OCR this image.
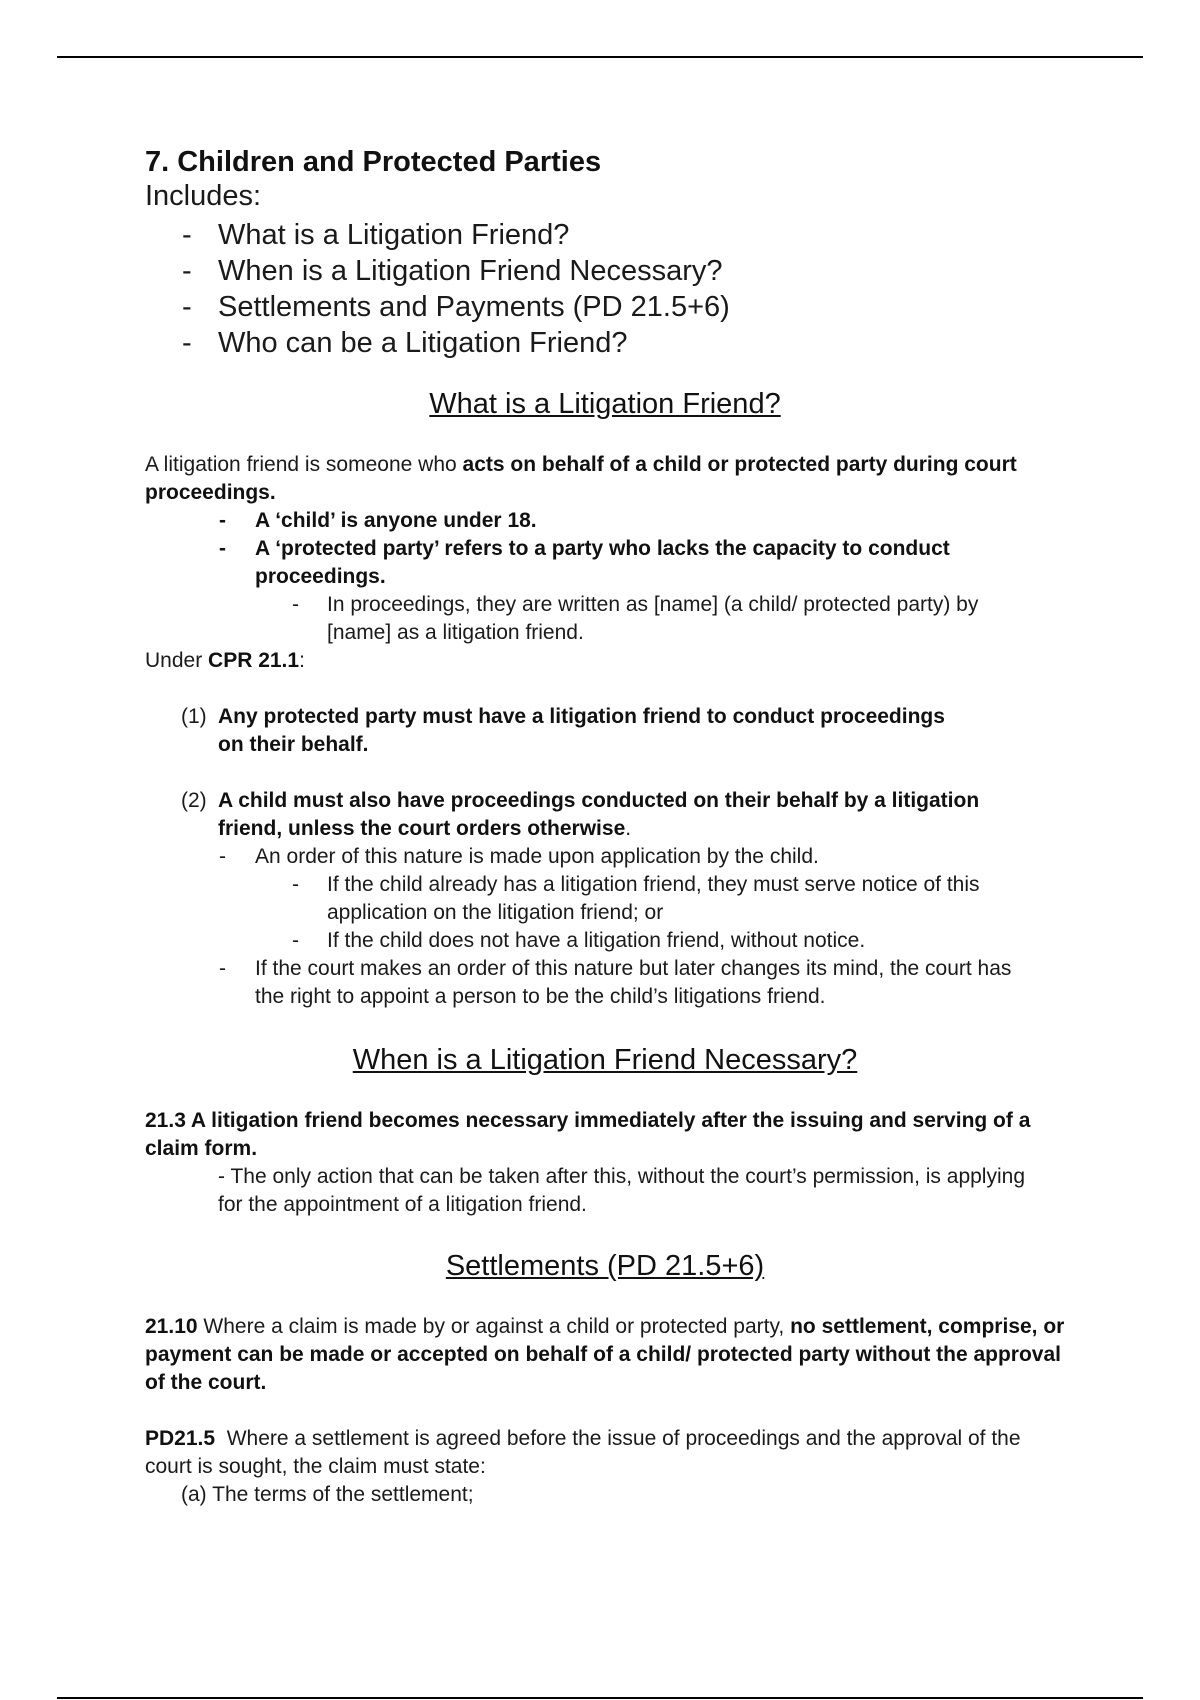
7. Children and Protected Parties
Includes:
- What is a Litigation Friend?
- When is a Litigation Friend Necessary?
- Settlements and Payments (PD 21.5+6)
- Who can be a Litigation Friend?
What is a Litigation Friend?

A litigation friend is someone who acts on behalf of a child or protected party during court proceedings.

- A ‘child’ is anyone under 18.
- A ‘protected party’ refers to a party who lacks the capacity to conduct proceedings.
- In proceedings, they are written as [name] (a child/ protected party) by [name] as a litigation friend.

Under CPR 21.1:

(1) Any protected party must have a litigation friend to conduct proceedings on their behalf.
(2) A child must also have proceedings conducted on their behalf by a litigation friend, unless the court orders otherwise.
- An order of this nature is made upon application by the child.
- If the child already has a litigation friend, they must serve notice of this application on the litigation friend; or
- If the child does not have a litigation friend, without notice.
- If the court makes an order of this nature but later changes its mind, the court has the right to appoint a person to be the child’s litigations friend.
When is a Litigation Friend Necessary?

21.3 A litigation friend becomes necessary immediately after the issuing and serving of a claim form.

- The only action that can be taken after this, without the court’s permission, is applying for the appointment of a litigation friend.
Settlements (PD 21.5+6)

21.10 Where a claim is made by or against a child or protected party, no settlement, comprise, or payment can be made or accepted on behalf of a child/ protected party without the approval of the court.

PD21.5  Where a settlement is agreed before the issue of proceedings and the approval of the court is sought, the claim must state:

(a) The terms of the settlement;
